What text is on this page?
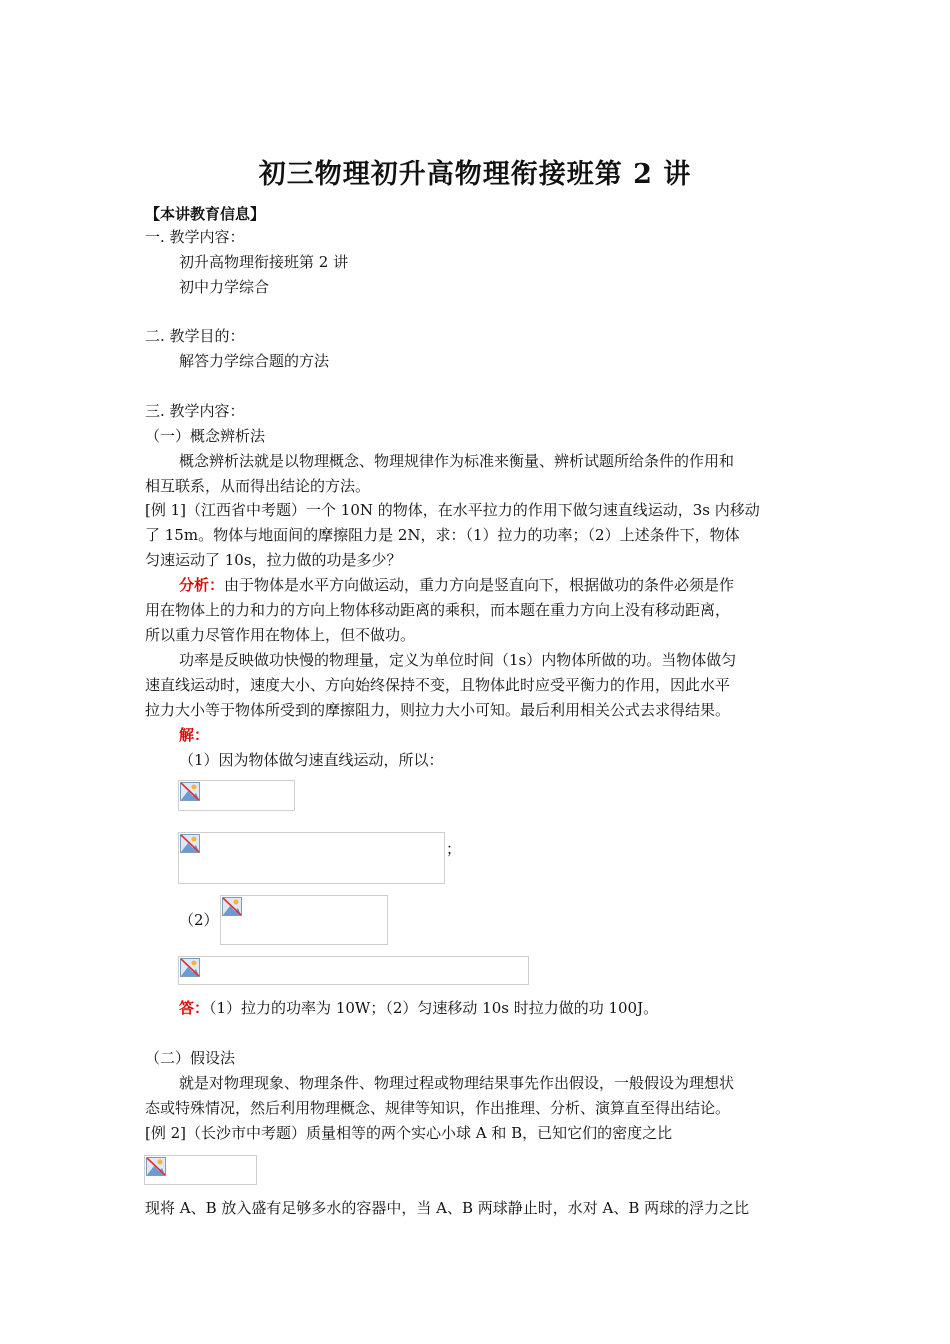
初三物理初升高物理衔接班第 2 讲
【本讲教育信息】
一. 教学内容：
初升高物理衔接班第 2 讲
初中力学综合
二. 教学目的：
解答力学综合题的方法
三. 教学内容：
（一）概念辨析法
概念辨析法就是以物理概念、物理规律作为标准来衡量、辨析试题所给条件的作用和
相互联系，从而得出结论的方法。
[例 1]（江西省中考题）一个 10N 的物体，在水平拉力的作用下做匀速直线运动，3s 内移动
了 15m。物体与地面间的摩擦阻力是 2N，求：（1）拉力的功率；（2）上述条件下，物体
匀速运动了 10s，拉力做的功是多少？
分析：由于物体是水平方向做运动，重力方向是竖直向下，根据做功的条件必须是作
用在物体上的力和力的方向上物体移动距离的乘积，而本题在重力方向上没有移动距离，
所以重力尽管作用在物体上，但不做功。
功率是反映做功快慢的物理量，定义为单位时间（1s）内物体所做的功。当物体做匀
速直线运动时，速度大小、方向始终保持不变，且物体此时应受平衡力的作用，因此水平
拉力大小等于物体所受到的摩擦阻力，则拉力大小可知。最后利用相关公式去求得结果。
解：
（1）因为物体做匀速直线运动，所以：
；
（2）
答：（1）拉力的功率为 10W；（2）匀速移动 10s 时拉力做的功 100J。
（二）假设法
就是对物理现象、物理条件、物理过程或物理结果事先作出假设，一般假设为理想状
态或特殊情况，然后利用物理概念、规律等知识，作出推理、分析、演算直至得出结论。
[例 2]（长沙市中考题）质量相等的两个实心小球 A 和 B，已知它们的密度之比
现将 A、B 放入盛有足够多水的容器中，当 A、B 两球静止时，水对 A、B 两球的浮力之比
